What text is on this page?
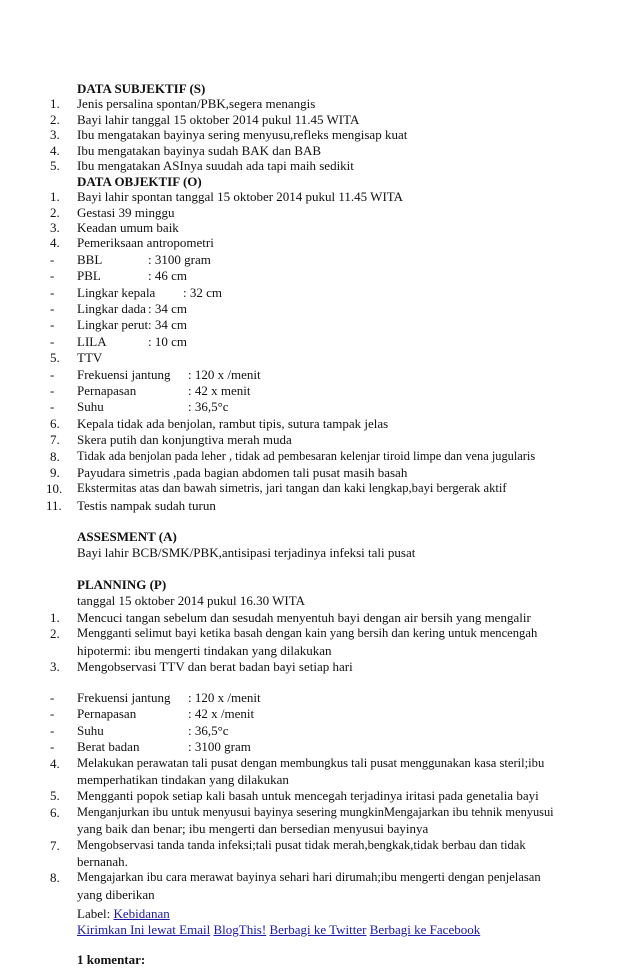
DATA SUBJEKTIF (S)
1.	Jenis persalina spontan/PBK,segera menangis
2.	Bayi lahir tanggal 15 oktober 2014 pukul 11.45 WITA
3.	Ibu mengatakan bayinya sering menyusu,refleks mengisap kuat
4.	Ibu mengatakan bayinya sudah BAK dan BAB
5.	Ibu mengatakan ASInya suudah ada tapi maih sedikit
DATA OBJEKTIF (O)
1.	Bayi lahir spontan tanggal 15 oktober 2014 pukul 11.45 WITA
2.	Gestasi 39 minggu
3.	Keadan umum baik
4.	Pemeriksaan antropometri
-	BBL	: 3100 gram
-	PBL	: 46 cm
-	Lingkar kepala : 32 cm
-	Lingkar dada : 34 cm
-	Lingkar perut : 34 cm
-	LILA	: 10 cm
5.	TTV
-	Frekuensi jantung : 120 x /menit
-	Pernapasan	: 42 x menit
-	Suhu	: 36,5°c
6.	Kepala tidak ada benjolan, rambut tipis, sutura tampak jelas
7.	Skera putih dan konjungtiva merah muda
8.	Tidak ada benjolan pada leher , tidak ad pembesaran kelenjar tiroid limpe dan vena jugularis
9.	Payudara simetris ,pada bagian abdomen tali pusat masih basah
10.	Ekstermitas atas dan bawah simetris, jari tangan dan kaki lengkap,bayi bergerak aktif
11.	Testis nampak sudah turun
ASSESMENT (A)
Bayi lahir BCB/SMK/PBK,antisipasi terjadinya infeksi tali pusat
PLANNING (P)
tanggal 15 oktober 2014 pukul 16.30 WITA
1.	Mencuci tangan sebelum dan sesudah menyentuh bayi dengan air bersih yang mengalir
2.	Mengganti selimut bayi ketika basah dengan kain yang bersih dan kering untuk mencengah
hipotermi: ibu mengerti tindakan yang dilakukan
3.	Mengobservasi TTV dan berat badan bayi setiap hari
-	Frekuensi jantung : 120 x /menit
-	Pernapasan	: 42 x /menit
-	Suhu	: 36,5°c
-	Berat badan	: 3100 gram
4.	Melakukan perawatan tali pusat dengan membungkus tali pusat menggunakan kasa steril;ibu
memperhatikan tindakan yang dilakukan
5.	Mengganti popok setiap kali basah untuk mencegah terjadinya iritasi pada genetalia bayi
6.	Menganjurkan ibu untuk menyusui bayinya sesering mungkinMengajarkan ibu tehnik menyusui
yang baik dan benar; ibu mengerti dan bersedian menyusui bayinya
7.	Mengobservasi tanda tanda infeksi;tali pusat tidak merah,bengkak,tidak berbau dan tidak
bernanah.
8.	Mengajarkan ibu cara merawat bayinya sehari hari dirumah;ibu mengerti dengan penjelasan
yang diberikan
Label: Kebidanan
Kirimkan Ini lewat Email BlogThis! Berbagi ke Twitter Berbagi ke Facebook
1 komentar:
